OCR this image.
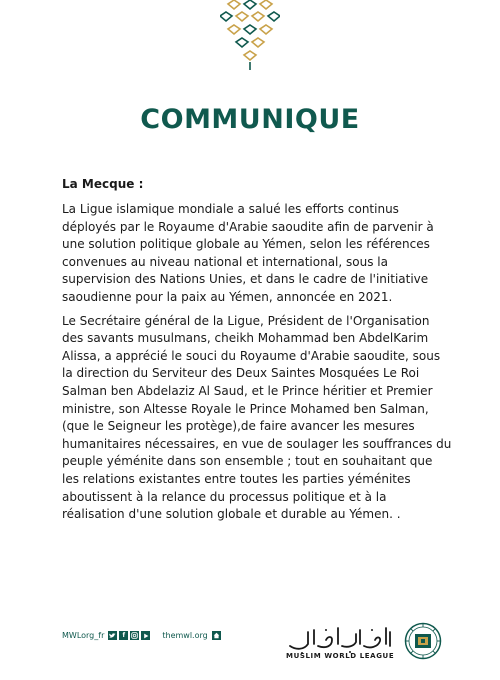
COMMUNIQUE

La Mecque :

La Ligue islamique mondiale a salué les efforts continus déployés par le Royaume d'Arabie saoudite afin de parvenir à une solution politique globale au Yémen, selon les références convenues au niveau national et international, sous la supervision des Nations Unies, et dans le cadre de l'initiative saoudienne pour la paix au Yémen, annoncée en 2021.

Le Secrétaire général de la Ligue, Président de l'Organisation des savants musulmans, cheikh Mohammad ben AbdelKarim Alissa, a apprécié le souci du Royaume d'Arabie saoudite, sous la direction du Serviteur des Deux Saintes Mosquées Le Roi Salman ben Abdelaziz Al Saud, et le Prince héritier et Premier ministre, son Altesse Royale le Prince Mohamed ben Salman, (que le Seigneur les protège),de faire avancer les mesures humanitaires nécessaires, en vue de soulager les souffrances du peuple yéménite dans son ensemble ; tout en souhaitant que les relations existantes entre toutes les parties yéménites aboutissent à la relance du processus politique et à la réalisation d'une solution globale et durable au Yémen. .

MWLorg_fr	f	themwl.org
MUSLIM WORLD LEAGUE
